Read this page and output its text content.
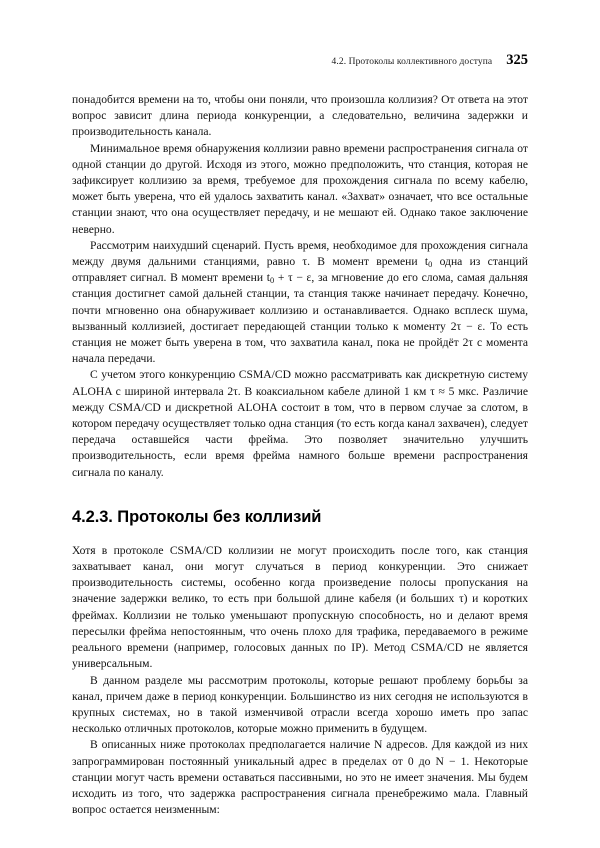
4.2. Протоколы коллективного доступа 325

понадобится времени на то, чтобы они поняли, что произошла коллизия? От ответа на этот вопрос зависит длина периода конкуренции, а следовательно, величина задержки и производительность канала.

Минимальное время обнаружения коллизии равно времени распространения сигнала от одной станции до другой. Исходя из этого, можно предположить, что станция, которая не зафиксирует коллизию за время, требуемое для прохождения сигнала по всему кабелю, может быть уверена, что ей удалось захватить канал. «Захват» означает, что все остальные станции знают, что она осуществляет передачу, и не мешают ей. Однако такое заключение неверно.

Рассмотрим наихудший сценарий. Пусть время, необходимое для прохождения сигнала между двумя дальними станциями, равно τ. В момент времени $t_0$ одна из станций отправляет сигнал. В момент времени $t_0 + \tau - \varepsilon$, за мгновение до его слома, самая дальняя станция достигнет самой дальней станции, та станция также начинает передачу. Конечно, почти мгновенно она обнаруживает коллизию и останавливается. Однако всплеск шума, вызванный коллизией, достигает передающей станции только к моменту 2τ − ε. То есть станция не может быть уверена в том, что захватила канал, пока не пройдёт 2τ с момента начала передачи.

С учетом этого конкуренцию CSMA/CD можно рассматривать как дискретную систему ALOHA с шириной интервала 2τ. В коаксиальном кабеле длиной 1 км τ ≈ 5 мкс. Различие между CSMA/CD и дискретной ALOHA состоит в том, что в первом случае за слотом, в котором передачу осуществляет только одна станция (то есть когда канал захвачен), следует передача оставшейся части фрейма. Это позволяет значительно улучшить производительность, если время фрейма намного больше времени распространения сигнала по каналу.

4.2.3. Протоколы без коллизий

Хотя в протоколе CSMA/CD коллизии не могут происходить после того, как станция захватывает канал, они могут случаться в период конкуренции. Это снижает производительность системы, особенно когда произведение полосы пропускания на значение задержки велико, то есть при большой длине кабеля (и больших τ) и коротких фреймах. Коллизии не только уменьшают пропускную способность, но и делают время пересылки фрейма непостоянным, что очень плохо для трафика, передаваемого в режиме реального времени (например, голосовых данных по IP). Метод CSMA/CD не является универсальным.

В данном разделе мы рассмотрим протоколы, которые решают проблему борьбы за канал, причем даже в период конкуренции. Большинство из них сегодня не используются в крупных системах, но в такой изменчивой отрасли всегда хорошо иметь про запас несколько отличных протоколов, которые можно применить в будущем.

В описанных ниже протоколах предполагается наличие N адресов. Для каждой из них запрограммирован постоянный уникальный адрес в пределах от 0 до N − 1. Некоторые станции могут часть времени оставаться пассивными, но это не имеет значения. Мы будем исходить из того, что задержка распространения сигнала пренебрежимо мала. Главный вопрос остается неизменным:
